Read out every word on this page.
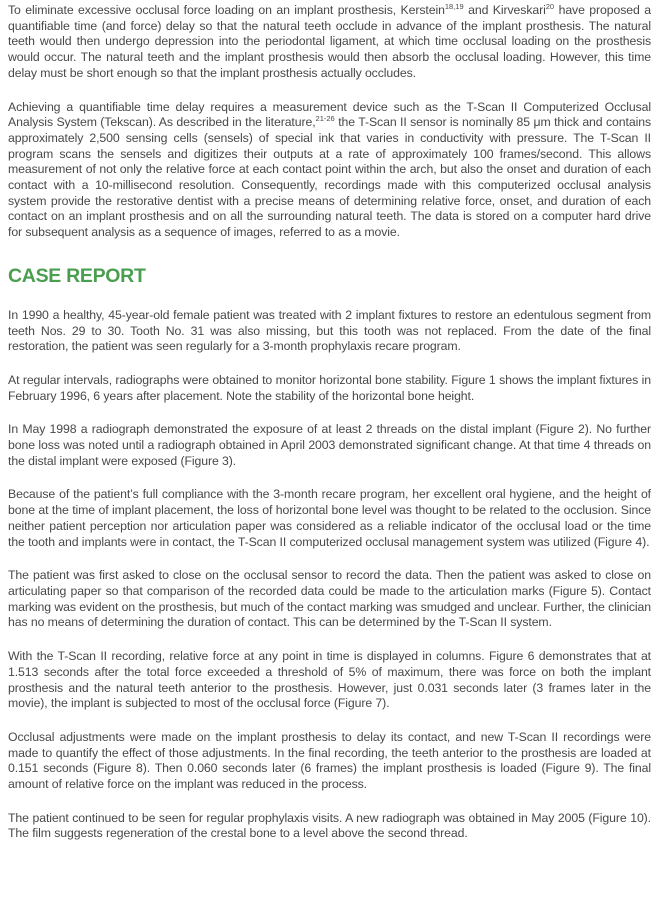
To eliminate excessive occlusal force loading on an implant prosthesis, Kerstein$^{18,19}$ and Kirveskari$^{20}$ have proposed a quantifiable time (and force) delay so that the natural teeth occlude in advance of the implant prosthesis. The natural teeth would then undergo depression into the periodontal ligament, at which time occlusal loading on the prosthesis would occur. The natural teeth and the implant prosthesis would then absorb the occlusal loading. However, this time delay must be short enough so that the implant prosthesis actually occludes.

Achieving a quantifiable time delay requires a measurement device such as the T-Scan II Computerized Occlusal Analysis System (Tekscan). As described in the literature,$^{21-26}$ the T-Scan II sensor is nominally 85 μm thick and contains approximately 2,500 sensing cells (sensels) of special ink that varies in conductivity with pressure. The T-Scan II program scans the sensels and digitizes their outputs at a rate of approximately 100 frames/second. This allows measurement of not only the relative force at each contact point within the arch, but also the onset and duration of each contact with a 10-millisecond resolution. Consequently, recordings made with this computerized occlusal analysis system provide the restorative dentist with a precise means of determining relative force, onset, and duration of each contact on an implant prosthesis and on all the surrounding natural teeth. The data is stored on a computer hard drive for subsequent analysis as a sequence of images, referred to as a movie.

CASE REPORT

In 1990 a healthy, 45-year-old female patient was treated with 2 implant fixtures to restore an edentulous segment from teeth Nos. 29 to 30. Tooth No. 31 was also missing, but this tooth was not replaced. From the date of the final restoration, the patient was seen regularly for a 3-month prophylaxis recare program.

At regular intervals, radiographs were obtained to monitor horizontal bone stability. Figure 1 shows the implant fixtures in February 1996, 6 years after placement. Note the stability of the horizontal bone height.

In May 1998 a radiograph demonstrated the exposure of at least 2 threads on the distal implant (Figure 2). No further bone loss was noted until a radiograph obtained in April 2003 demonstrated significant change. At that time 4 threads on the distal implant were exposed (Figure 3).

Because of the patient’s full compliance with the 3-month recare program, her excellent oral hygiene, and the height of bone at the time of implant placement, the loss of horizontal bone level was thought to be related to the occlusion. Since neither patient perception nor articulation paper was considered as a reliable indicator of the occlusal load or the time the tooth and implants were in contact, the T-Scan II computerized occlusal management system was utilized (Figure 4).

The patient was first asked to close on the occlusal sensor to record the data. Then the patient was asked to close on articulating paper so that comparison of the recorded data could be made to the articulation marks (Figure 5). Contact marking was evident on the prosthesis, but much of the contact marking was smudged and unclear. Further, the clinician has no means of determining the duration of contact. This can be determined by the T-Scan II system.

With the T-Scan II recording, relative force at any point in time is displayed in columns. Figure 6 demonstrates that at 1.513 seconds after the total force exceeded a threshold of 5% of maximum, there was force on both the implant prosthesis and the natural teeth anterior to the prosthesis. However, just 0.031 seconds later (3 frames later in the movie), the implant is subjected to most of the occlusal force (Figure 7).

Occlusal adjustments were made on the implant prosthesis to delay its contact, and new T-Scan II recordings were made to quantify the effect of those adjustments. In the final recording, the teeth anterior to the prosthesis are loaded at 0.151 seconds (Figure 8). Then 0.060 seconds later (6 frames) the implant prosthesis is loaded (Figure 9). The final amount of relative force on the implant was reduced in the process.

The patient continued to be seen for regular prophylaxis visits. A new radiograph was obtained in May 2005 (Figure 10). The film suggests regeneration of the crestal bone to a level above the second thread.
